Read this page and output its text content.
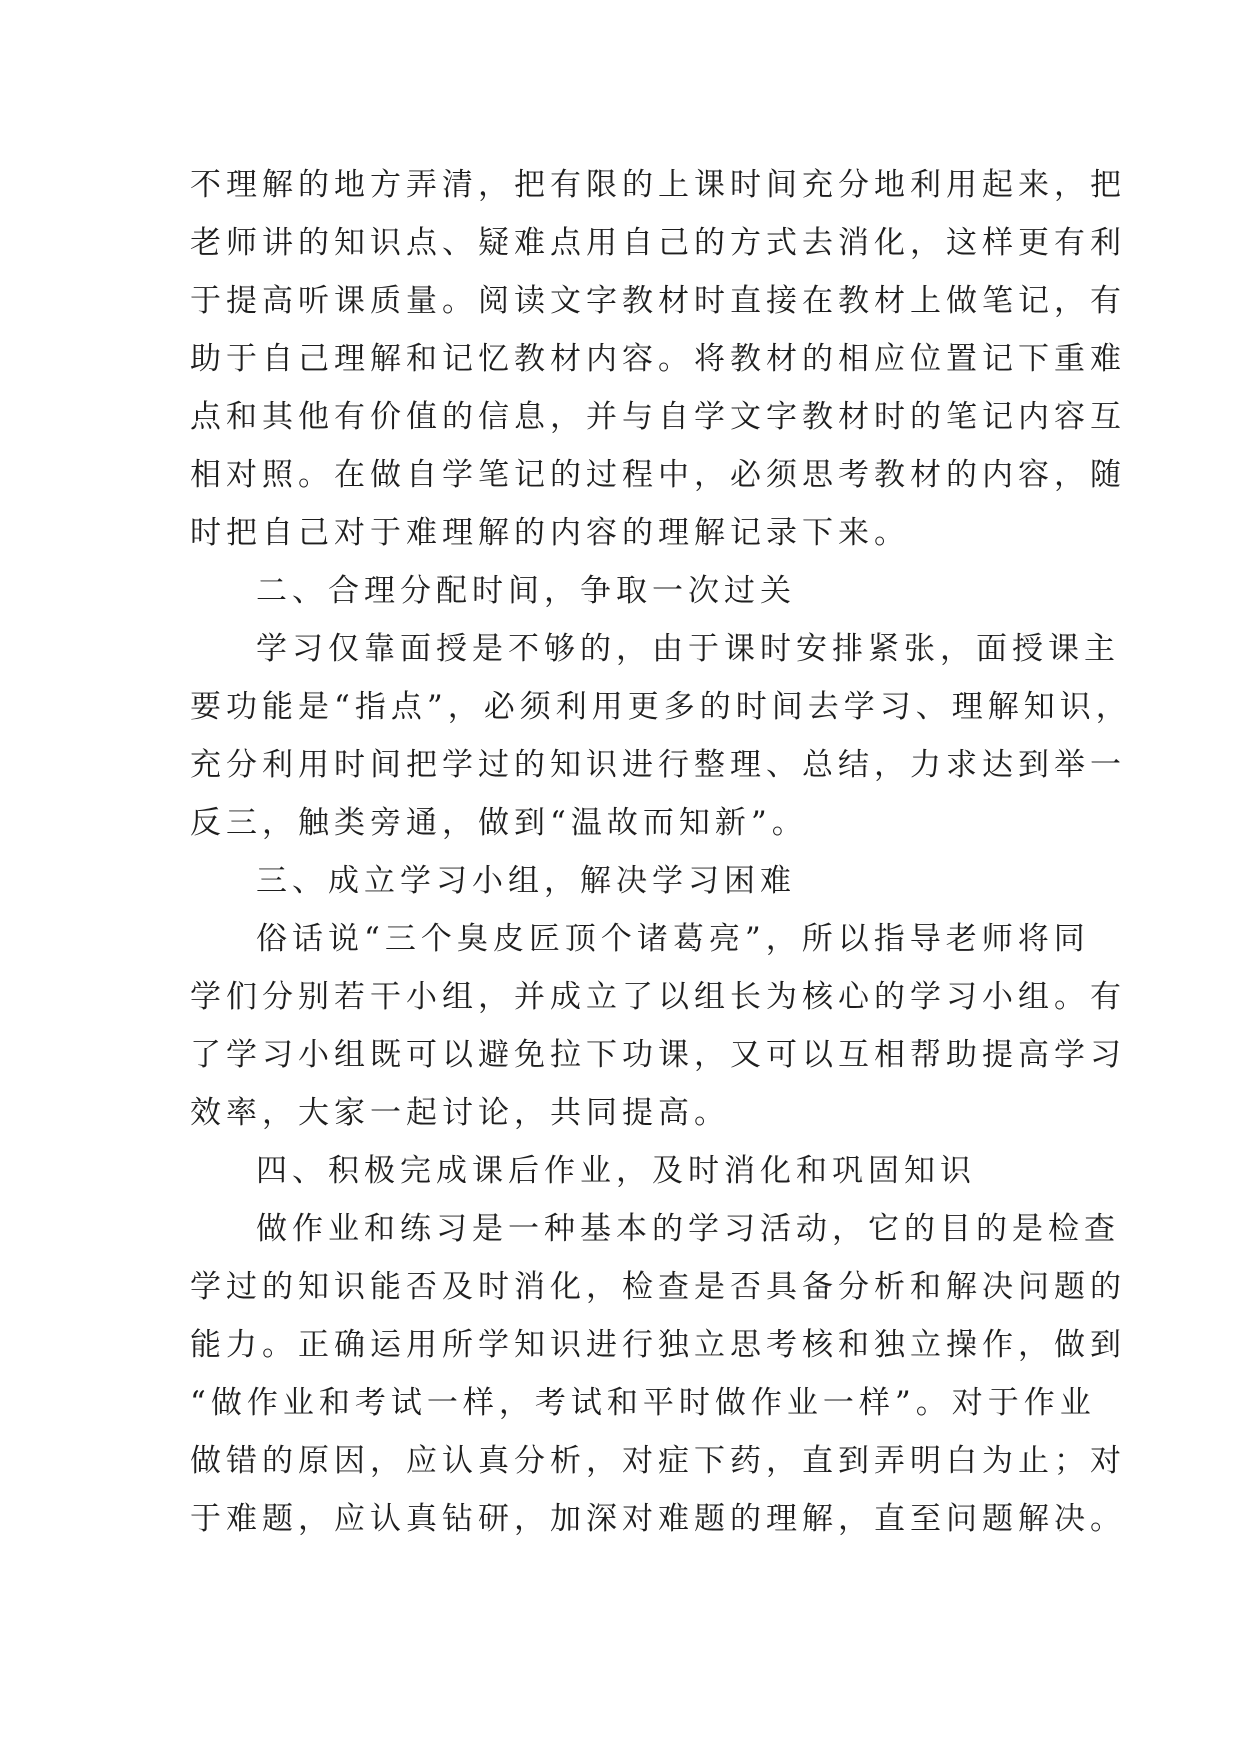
不理解的地方弄清，把有限的上课时间充分地利用起来，把
老师讲的知识点、疑难点用自己的方式去消化，这样更有利
于提高听课质量。阅读文字教材时直接在教材上做笔记，有
助于自己理解和记忆教材内容。将教材的相应位置记下重难
点和其他有价值的信息，并与自学文字教材时的笔记内容互
相对照。在做自学笔记的过程中，必须思考教材的内容，随
时把自己对于难理解的内容的理解记录下来。
二、合理分配时间，争取一次过关
学习仅靠面授是不够的，由于课时安排紧张，面授课主
要功能是“指点”，必须利用更多的时间去学习、理解知识，
充分利用时间把学过的知识进行整理、总结，力求达到举一
反三，触类旁通，做到“温故而知新”。
三、成立学习小组，解决学习困难
俗话说“三个臭皮匠顶个诸葛亮”，所以指导老师将同
学们分别若干小组，并成立了以组长为核心的学习小组。有
了学习小组既可以避免拉下功课，又可以互相帮助提高学习
效率，大家一起讨论，共同提高。
四、积极完成课后作业，及时消化和巩固知识
做作业和练习是一种基本的学习活动，它的目的是检查
学过的知识能否及时消化，检查是否具备分析和解决问题的
能力。正确运用所学知识进行独立思考核和独立操作，做到
“做作业和考试一样，考试和平时做作业一样”。对于作业
做错的原因，应认真分析，对症下药，直到弄明白为止；对
于难题，应认真钻研，加深对难题的理解，直至问题解决。
